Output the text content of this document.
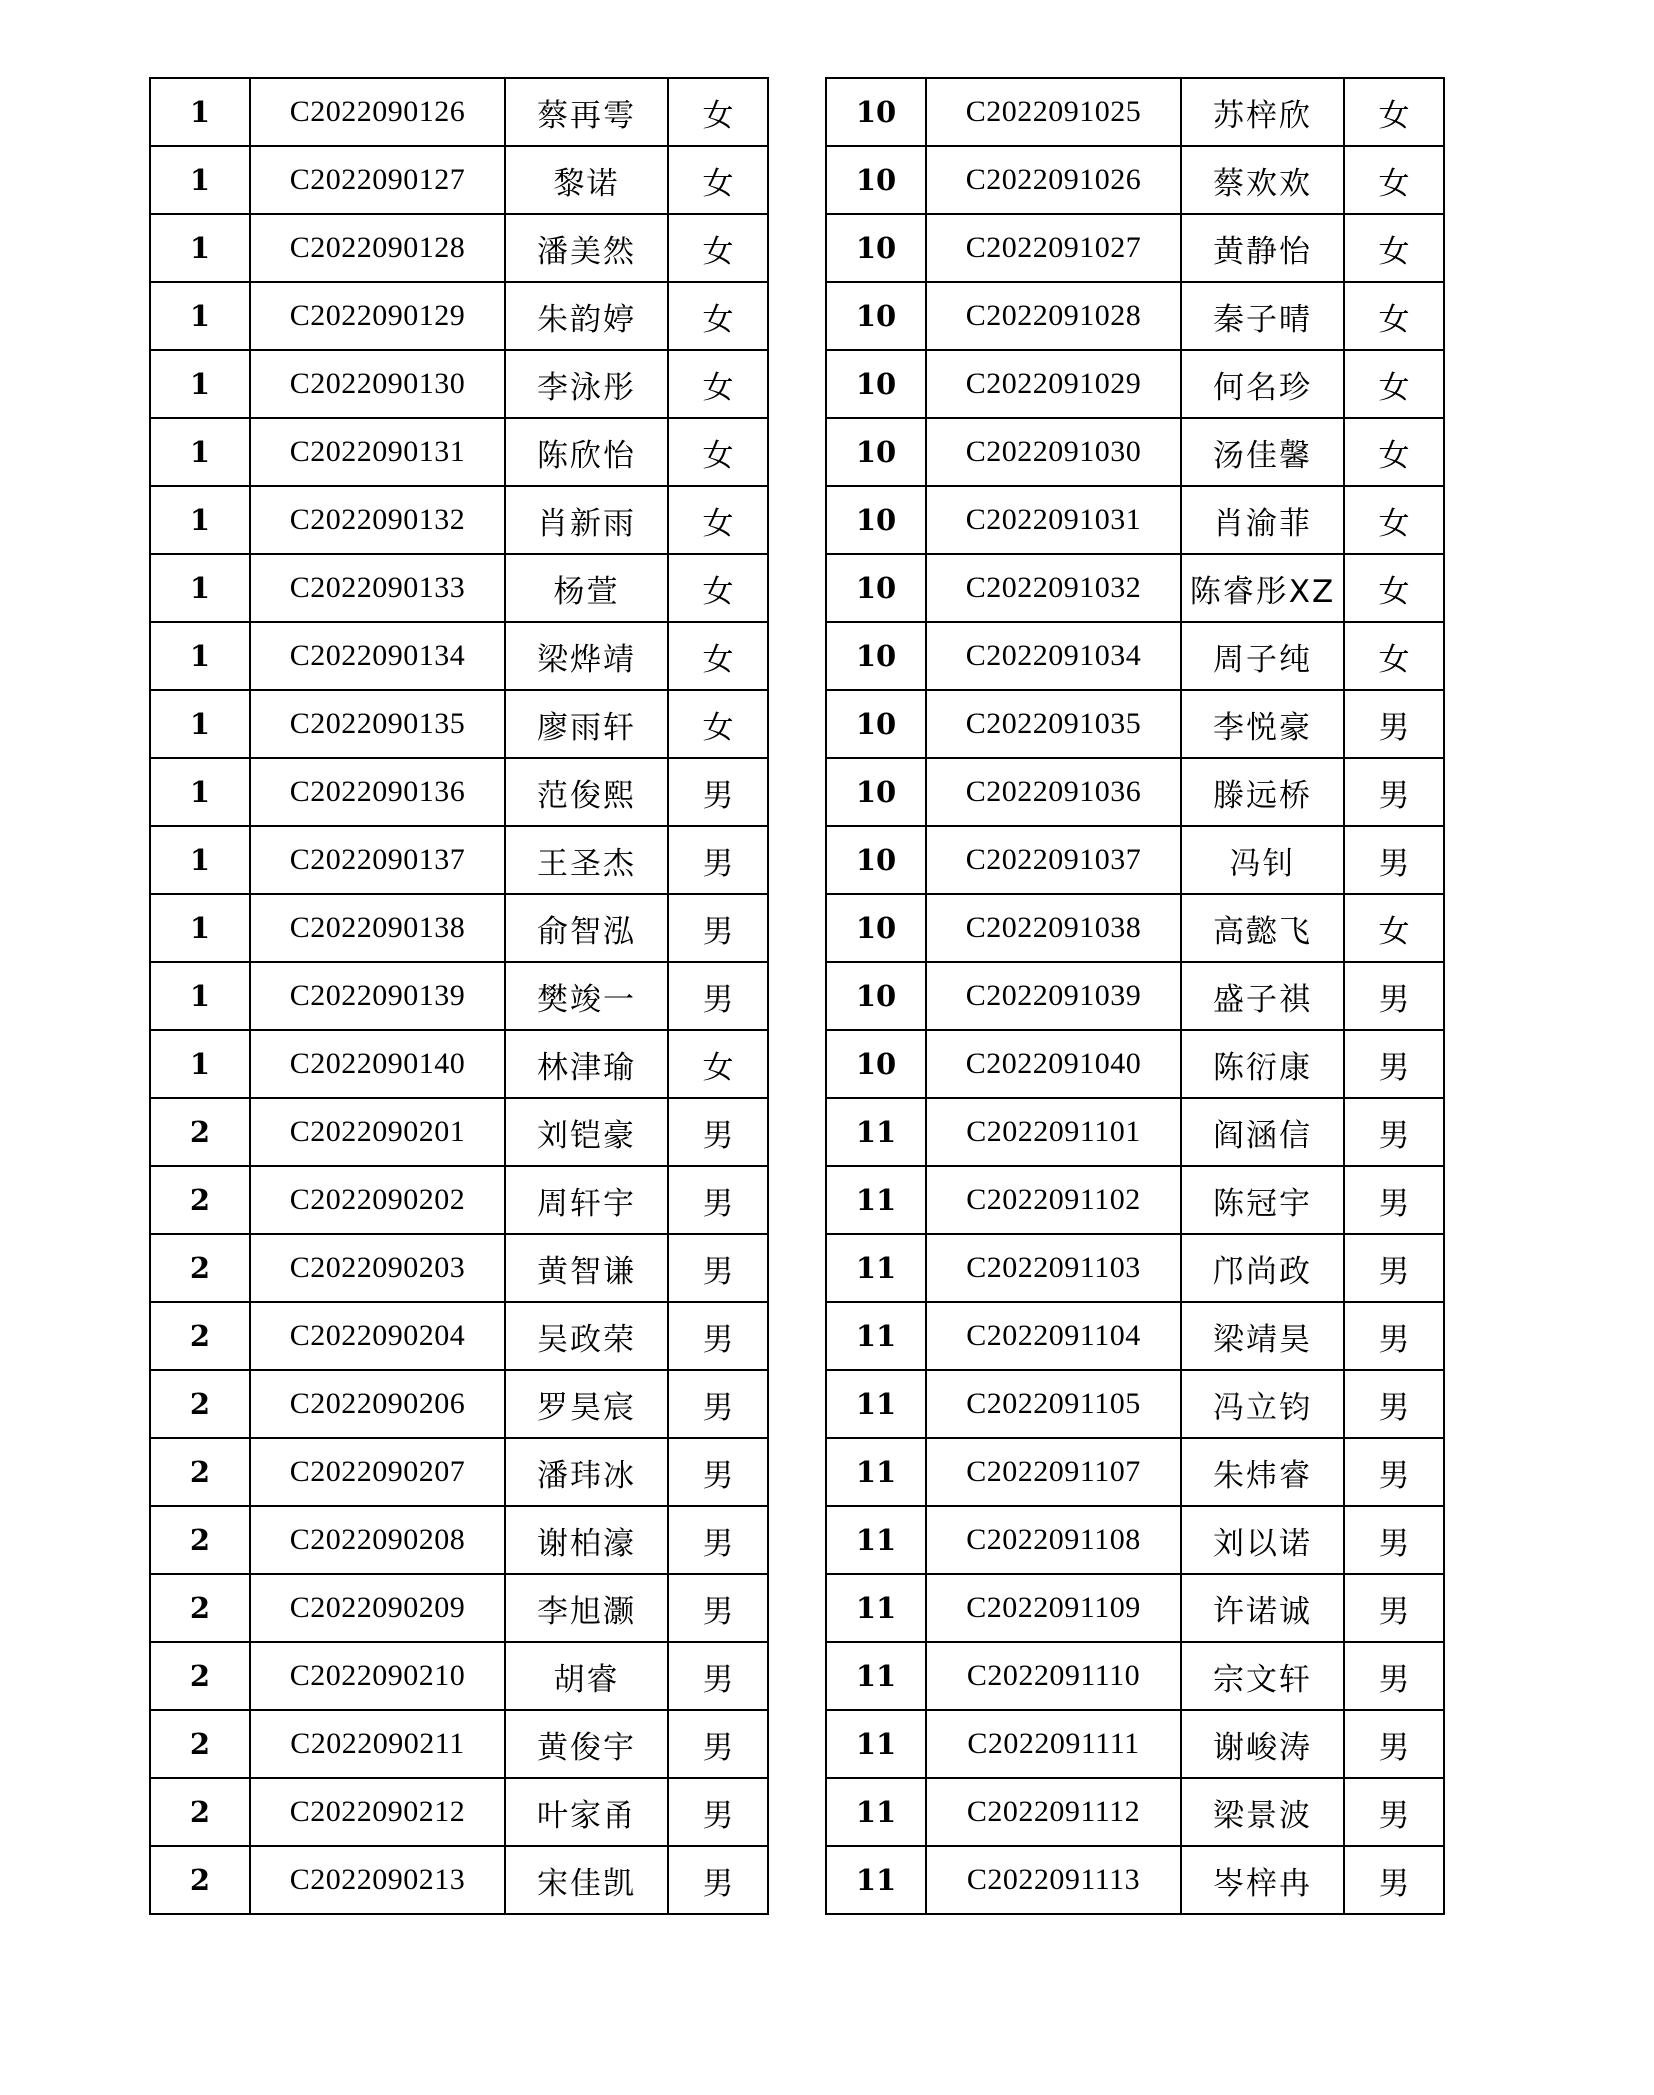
1	C2022090126	蔡再雩	女
1	C2022090127	黎诺	女
1	C2022090128	潘美然	女
1	C2022090129	朱韵婷	女
1	C2022090130	李泳彤	女
1	C2022090131	陈欣怡	女
1	C2022090132	肖新雨	女
1	C2022090133	杨萱	女
1	C2022090134	梁烨靖	女
1	C2022090135	廖雨轩	女
1	C2022090136	范俊熙	男
1	C2022090137	王圣杰	男
1	C2022090138	俞智泓	男
1	C2022090139	樊竣一	男
1	C2022090140	林津瑜	女
2	C2022090201	刘铠豪	男
2	C2022090202	周轩宇	男
2	C2022090203	黄智谦	男
2	C2022090204	吴政荣	男
2	C2022090206	罗昊宸	男
2	C2022090207	潘玮冰	男
2	C2022090208	谢柏濠	男
2	C2022090209	李旭灏	男
2	C2022090210	胡睿	男
2	C2022090211	黄俊宇	男
2	C2022090212	叶家甬	男
2	C2022090213	宋佳凯	男
10	C2022091025	苏梓欣	女
10	C2022091026	蔡欢欢	女
10	C2022091027	黄静怡	女
10	C2022091028	秦子晴	女
10	C2022091029	何名珍	女
10	C2022091030	汤佳馨	女
10	C2022091031	肖渝菲	女
10	C2022091032	陈睿彤XZ	女
10	C2022091034	周子纯	女
10	C2022091035	李悦豪	男
10	C2022091036	滕远桥	男
10	C2022091037	冯钊	男
10	C2022091038	高懿飞	女
10	C2022091039	盛子祺	男
10	C2022091040	陈衍康	男
11	C2022091101	阎涵信	男
11	C2022091102	陈冠宇	男
11	C2022091103	邝尚政	男
11	C2022091104	梁靖昊	男
11	C2022091105	冯立钧	男
11	C2022091107	朱炜睿	男
11	C2022091108	刘以诺	男
11	C2022091109	许诺诚	男
11	C2022091110	宗文轩	男
11	C2022091111	谢峻涛	男
11	C2022091112	梁景波	男
11	C2022091113	岑梓冉	男
